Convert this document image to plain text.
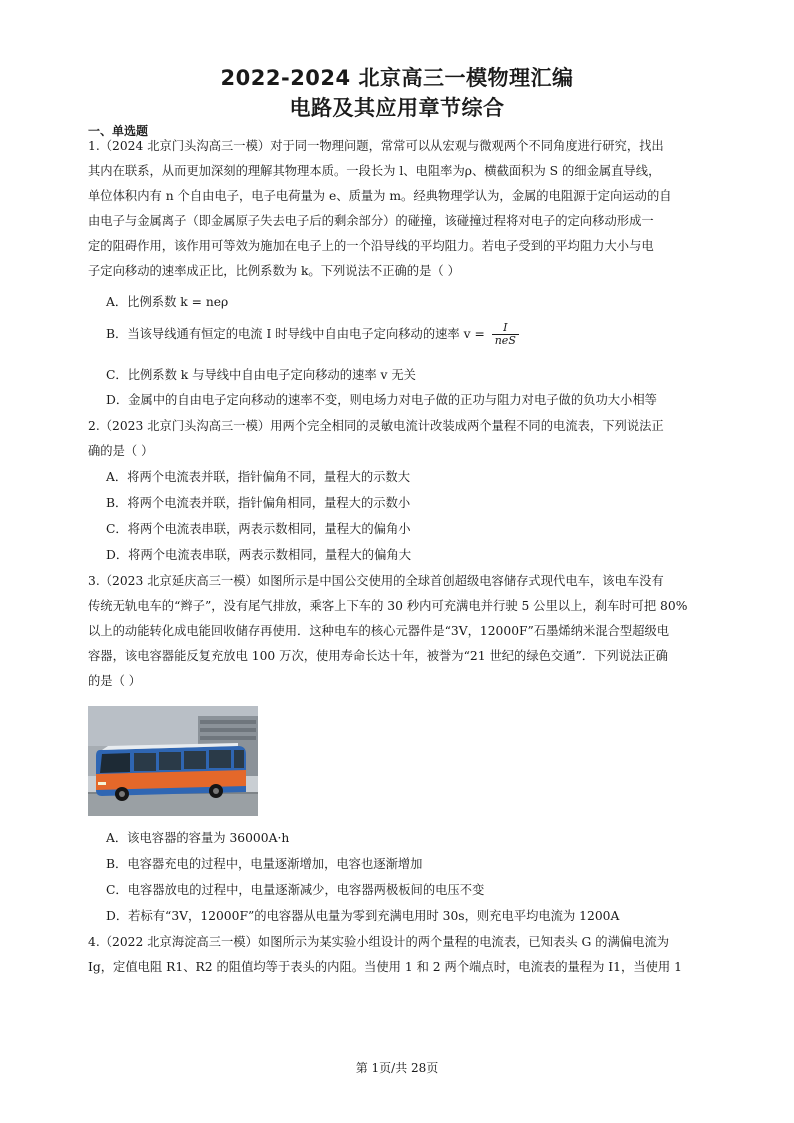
2022-2024 北京高三一模物理汇编
电路及其应用章节综合
一、单选题
1.（2024 北京门头沟高三一模）对于同一物理问题，常常可以从宏观与微观两个不同角度进行研究，找出
其内在联系，从而更加深刻的理解其物理本质。一段长为 l、电阻率为ρ、横截面积为 S 的细金属直导线，
单位体积内有 n 个自由电子，电子电荷量为 e、质量为 m。经典物理学认为，金属的电阻源于定向运动的自
由电子与金属离子（即金属原子失去电子后的剩余部分）的碰撞，该碰撞过程将对电子的定向移动形成一
定的阻碍作用，该作用可等效为施加在电子上的一个沿导线的平均阻力。若电子受到的平均阻力大小与电
子定向移动的速率成正比，比例系数为 k。下列说法不正确的是（ ）
A．比例系数 k = neρ
B．当该导线通有恒定的电流 I 时导线中自由电子定向移动的速率 $v = \frac{I}{\text{neS}}$
C．比例系数 k 与导线中自由电子定向移动的速率 v 无关
D．金属中的自由电子定向移动的速率不变，则电场力对电子做的正功与阻力对电子做的负功大小相等
2.（2023 北京门头沟高三一模）用两个完全相同的灵敏电流计改装成两个量程不同的电流表，下列说法正
确的是（ ）
A．将两个电流表并联，指针偏角不同，量程大的示数大
B．将两个电流表并联，指针偏角相同，量程大的示数小
C．将两个电流表串联，两表示数相同，量程大的偏角小
D．将两个电流表串联，两表示数相同，量程大的偏角大
3.（2023 北京延庆高三一模）如图所示是中国公交使用的全球首创超级电容储存式现代电车，该电车没有
传统无轨电车的“辫子”，没有尾气排放，乘客上下车的 30 秒内可充满电并行驶 5 公里以上，刹车时可把 80%
以上的动能转化成电能回收储存再使用．这种电车的核心元器件是“3V，12000F”石墨烯纳米混合型超级电
容器，该电容器能反复充放电 100 万次，使用寿命长达十年，被誉为“21 世纪的绿色交通”．下列说法正确
的是（ ）
A．该电容器的容量为 36000A·h
B．电容器充电的过程中，电量逐渐增加，电容也逐渐增加
C．电容器放电的过程中，电量逐渐减少，电容器两极板间的电压不变
D．若标有“3V，12000F”的电容器从电量为零到充满电用时 30s，则充电平均电流为 1200A
4.（2022 北京海淀高三一模）如图所示为某实验小组设计的两个量程的电流表，已知表头 G 的满偏电流为
Ig，定值电阻 R1、R2 的阻值均等于表头的内阻。当使用 1 和 2 两个端点时，电流表的量程为 I1，当使用 1
第 1页/共 28页
